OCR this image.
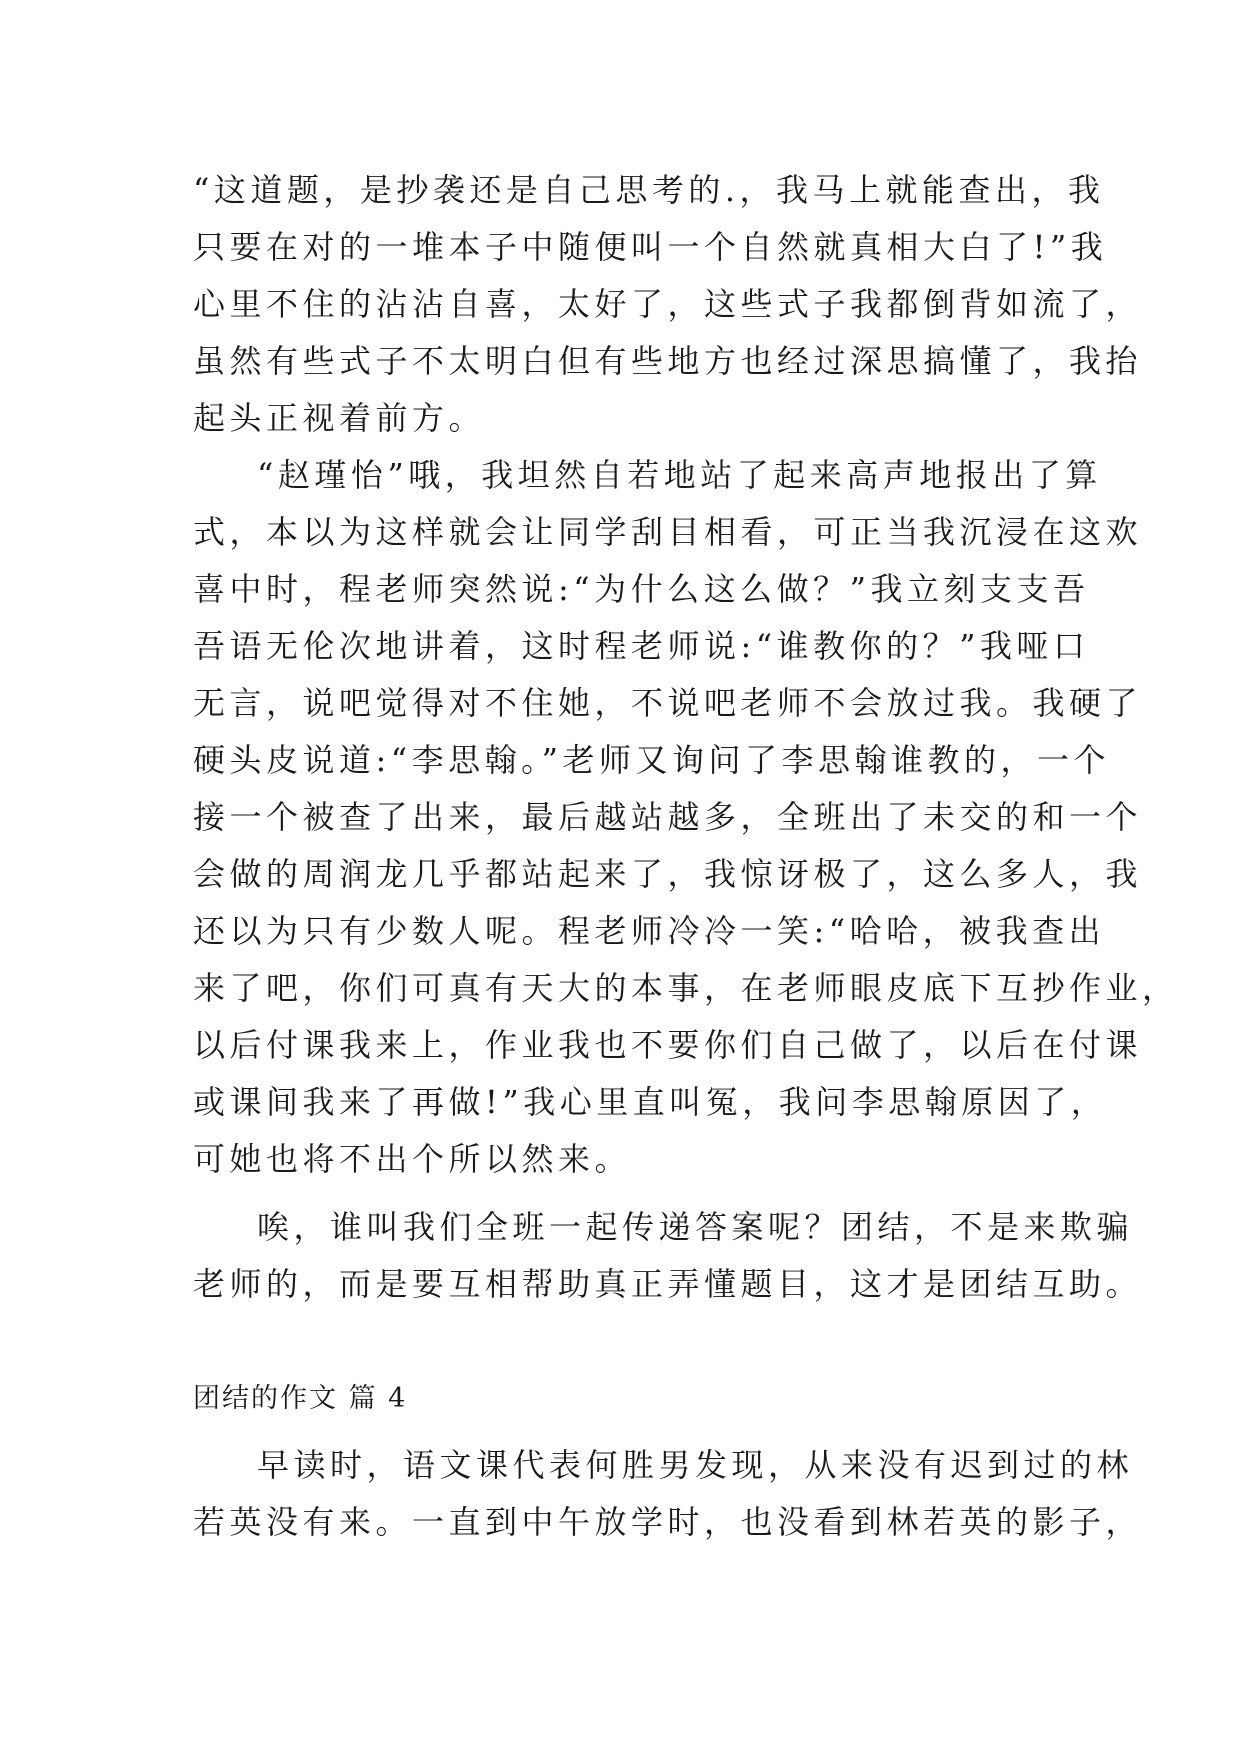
“这道题，是抄袭还是自己思考的.，我马上就能查出，我
只要在对的一堆本子中随便叫一个自然就真相大白了!”我
心里不住的沾沾自喜，太好了，这些式子我都倒背如流了，
虽然有些式子不太明白但有些地方也经过深思搞懂了，我抬
起头正视着前方。
“赵瑾怡”哦，我坦然自若地站了起来高声地报出了算
式，本以为这样就会让同学刮目相看，可正当我沉浸在这欢
喜中时，程老师突然说:“为什么这么做？”我立刻支支吾
吾语无伦次地讲着，这时程老师说:“谁教你的？”我哑口
无言，说吧觉得对不住她，不说吧老师不会放过我。我硬了
硬头皮说道:“李思翰。”老师又询问了李思翰谁教的，一个
接一个被查了出来，最后越站越多，全班出了未交的和一个
会做的周润龙几乎都站起来了，我惊讶极了，这么多人，我
还以为只有少数人呢。程老师冷冷一笑:“哈哈，被我查出
来了吧，你们可真有天大的本事，在老师眼皮底下互抄作业，
以后付课我来上，作业我也不要你们自己做了，以后在付课
或课间我来了再做!”我心里直叫冤，我问李思翰原因了，
可她也将不出个所以然来。
唉，谁叫我们全班一起传递答案呢？团结，不是来欺骗
老师的，而是要互相帮助真正弄懂题目，这才是团结互助。
团结的作文 篇 4
早读时，语文课代表何胜男发现，从来没有迟到过的林
若英没有来。一直到中午放学时，也没看到林若英的影子，
